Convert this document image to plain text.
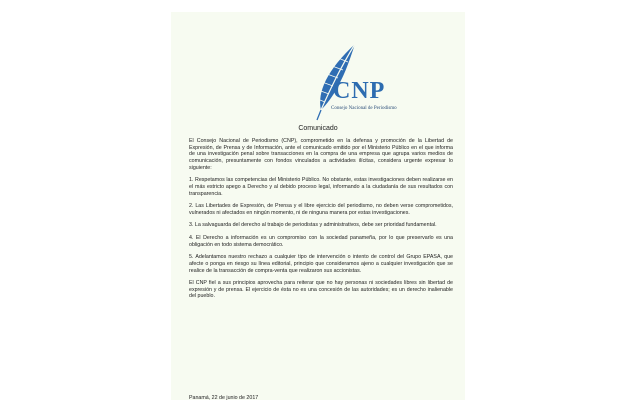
CNP
Consejo Nacional de Periodismo
Comunicado

El Consejo Nacional de Periodismo (CNP), comprometido en la defensa y promoción de la Libertad de Expresión, de Prensa y de Información, ante el comunicado emitido por el Ministerio Público en el que informa de una investigación penal sobre transacciones en la compra de una empresa que agrupa varios medios de comunicación, presuntamente con fondos vinculados a actividades ilícitas, considera urgente expresar lo siguiente:

1. Respetamos las competencias del Ministerio Público. No obstante, estas investigaciones deben realizarse en el más estricto apego a Derecho y al debido proceso legal, informando a la ciudadanía de sus resultados con transparencia.

2. Las Libertades de Expresión, de Prensa y el libre ejercicio del periodismo, no deben verse comprometidos, vulnerados ni afectados en ningún momento, ni de ninguna manera por estas investigaciones.

3. La salvaguarda del derecho al trabajo de periodistas y administrativos, debe ser prioridad fundamental.

4. El Derecho a información es un compromiso con la sociedad panameña, por lo que preservarlo es una obligación en todo sistema democrático.

5. Adelantamos nuestro rechazo a cualquier tipo de intervención o intento de control del Grupo EPASA, que afecte o ponga en riesgo su línea editorial, principio que consideramos ajeno a cualquier investigación que se realice de la transacción de compra-venta que realizaron sus accionistas.

El CNP fiel a sus principios aprovecha para reiterar que no hay personas ni sociedades libres sin libertad de expresión y de prensa. El ejercicio de ésta no es una concesión de las autoridades; es un derecho inalienable del pueblo.

Panamá, 22 de junio de 2017
